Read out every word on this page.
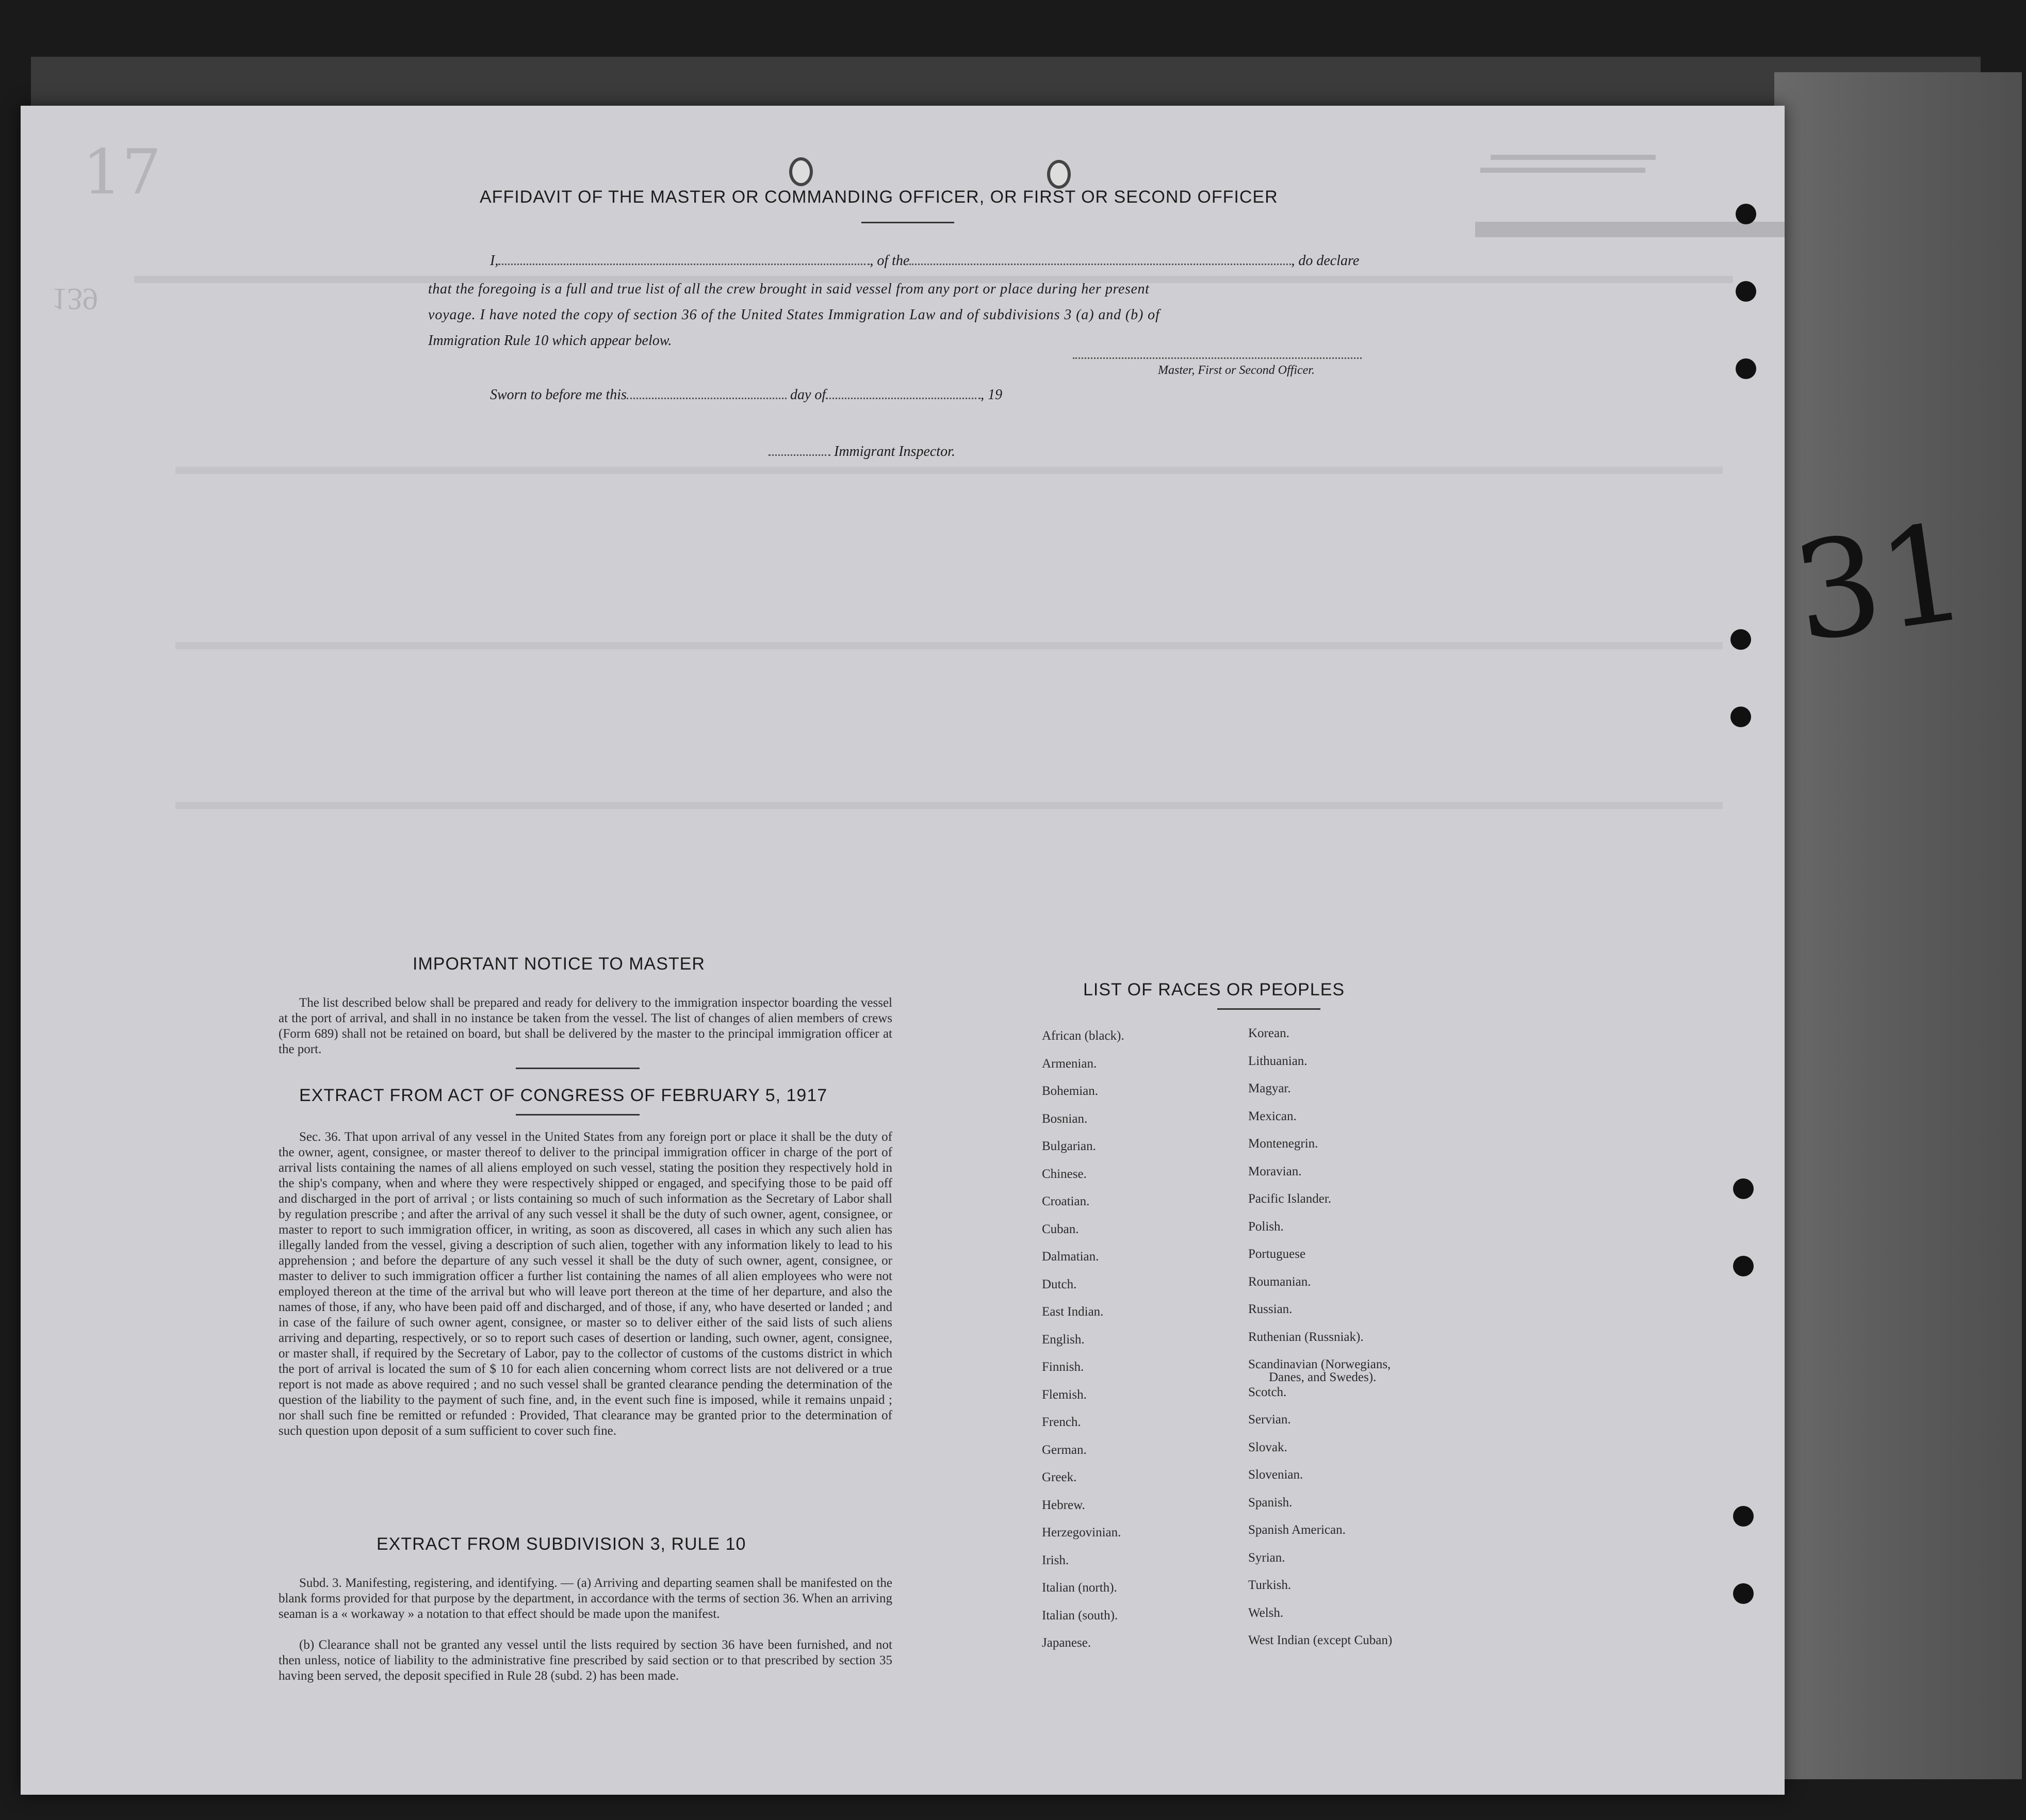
31
17
139
AFFIDAVIT OF THE MASTER OR COMMANDING OFFICER, OR FIRST OR SECOND OFFICER
I,	, of the	, do declare
that the foregoing is a full and true list of all the crew brought in said vessel from any port or place during her present
voyage. I have noted the copy of section 36 of the United States Immigration Law and of subdivisions 3 (a) and (b) of
Immigration Rule 10 which appear below.
Master, First or Second Officer.
Sworn to before me this	day of	, 19
Immigrant Inspector.
IMPORTANT NOTICE TO MASTER
The list described below shall be prepared and ready for delivery to the immigration inspector boarding the vessel at the port of arrival, and shall in no instance be taken from the vessel. The list of changes of alien members of crews (Form 689) shall not be retained on board, but shall be delivered by the master to the principal immigration officer at the port.
EXTRACT FROM ACT OF CONGRESS OF FEBRUARY 5, 1917
Sec. 36. That upon arrival of any vessel in the United States from any foreign port or place it shall be the duty of the owner, agent, consignee, or master thereof to deliver to the principal immigration officer in charge of the port of arrival lists containing the names of all aliens employed on such vessel, stating the position they respectively hold in the ship's company, when and where they were respectively shipped or engaged, and specifying those to be paid off and discharged in the port of arrival ; or lists containing so much of such information as the Secretary of Labor shall by regulation prescribe ; and after the arrival of any such vessel it shall be the duty of such owner, agent, consignee, or master to report to such immigration officer, in writing, as soon as discovered, all cases in which any such alien has illegally landed from the vessel, giving a description of such alien, together with any information likely to lead to his apprehension ; and before the departure of any such vessel it shall be the duty of such owner, agent, consignee, or master to deliver to such immigration officer a further list containing the names of all alien employees who were not employed thereon at the time of the arrival but who will leave port thereon at the time of her departure, and also the names of those, if any, who have been paid off and discharged, and of those, if any, who have deserted or landed ; and in case of the failure of such owner agent, consignee, or master so to deliver either of the said lists of such aliens arriving and departing, respectively, or so to report such cases of desertion or landing, such owner, agent, consignee, or master shall, if required by the Secretary of Labor, pay to the collector of customs of the customs district in which the port of arrival is located the sum of $ 10 for each alien concerning whom correct lists are not delivered or a true report is not made as above required ; and no such vessel shall be granted clearance pending the determination of the question of the liability to the payment of such fine, and, in the event such fine is imposed, while it remains unpaid ; nor shall such fine be remitted or refunded : Provided, That clearance may be granted prior to the determination of such question upon deposit of a sum sufficient to cover such fine.
EXTRACT FROM SUBDIVISION 3, RULE 10
Subd. 3. Manifesting, registering, and identifying. — (a) Arriving and departing seamen shall be manifested on the blank forms provided for that purpose by the department, in accordance with the terms of section 36. When an arriving seaman is a « workaway » a notation to that effect should be made upon the manifest.
(b) Clearance shall not be granted any vessel until the lists required by section 36 have been furnished, and not then unless, notice of liability to the administrative fine prescribed by said section or to that prescribed by section 35 having been served, the deposit specified in Rule 28 (subd. 2) has been made.
LIST OF RACES OR PEOPLES
African (black).
Armenian.
Bohemian.
Bosnian.
Bulgarian.
Chinese.
Croatian.
Cuban.
Dalmatian.
Dutch.
East Indian.
English.
Finnish.
Flemish.
French.
German.
Greek.
Hebrew.
Herzegovinian.
Irish.
Italian (north).
Italian (south).
Japanese.
Korean.
Lithuanian.
Magyar.
Mexican.
Montenegrin.
Moravian.
Pacific Islander.
Polish.
Portuguese
Roumanian.
Russian.
Ruthenian (Russniak).
Scandinavian (Norwegians,
Scotch.
Servian.
Slovak.
Slovenian.
Spanish.
Spanish American.
Syrian.
Turkish.
Welsh.
West Indian (except Cuban)
Danes, and Swedes).
